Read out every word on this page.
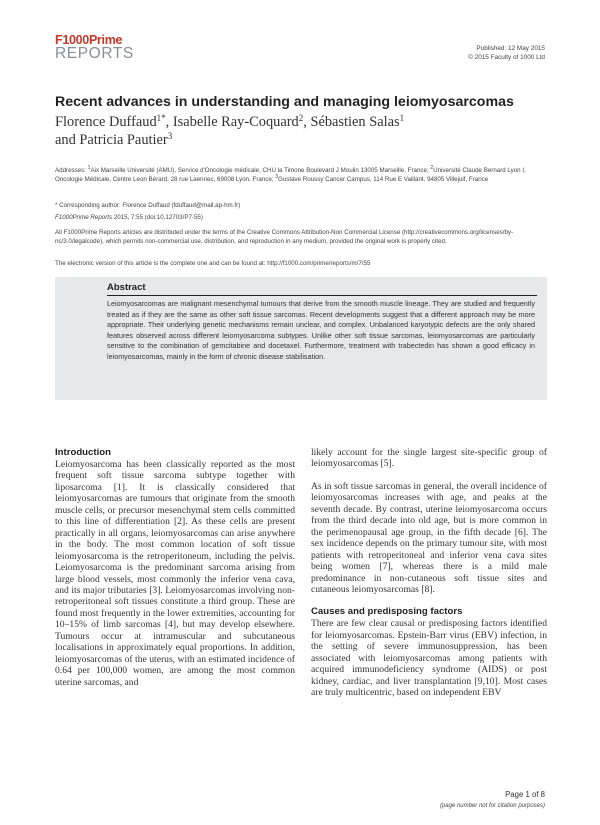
F1000Prime
REPORTS	Published: 12 May 2015
© 2015 Faculty of 1000 Ltd
Recent advances in understanding and managing leiomyosarcomas
Florence Duffaud$^{1*}$, Isabelle Ray-Coquard$^2$, Sébastien Salas$^1$
and Patricia Pautier$^3$
Addresses: $^1$Aix Marseille Université (AMU), Service d'Oncologie médicale, CHU la Timone Boulevard J Moulin 13005 Marseille, France; $^2$Université Claude Bernard Lyon I, Oncologie Médicale, Centre Leon Bérard, 28 rue Laennec, 69008 Lyon, France; $^3$Gustave Roussy Cancer Campus, 114 Rue E Vaillant, 94805 Villejuif, France
* Corresponding author: Florence Duffaud (fduffaud@mail.ap-hm.fr)
F1000Prime Reports 2015, 7:55 (doi:10.12703/P7-55)
All F1000Prime Reports articles are distributed under the terms of the Creative Commons Attribution-Non Commercial License (http://creativecommons.org/licenses/by-nc/3.0/legalcode), which permits non-commercial use, distribution, and reproduction in any medium, provided the original work is properly cited.
The electronic version of this article is the complete one and can be found at: http://f1000.com/prime/reports/m/7/55
Abstract
Leiomyosarcomas are malignant mesenchymal tumours that derive from the smooth muscle lineage. They are studied and frequently treated as if they are the same as other soft tissue sarcomas. Recent developments suggest that a different approach may be more appropriate. Their underlying genetic mechanisms remain unclear, and complex. Unbalanced karyotypic defects are the only shared features observed across different leiomyosarcoma subtypes. Unlike other soft tissue sarcomas, leiomyosarcomas are particularly sensitive to the combination of gemcitabine and docetaxel. Furthermore, treatment with trabectedin has shown a good efficacy in leiomyosarcomas, mainly in the form of chronic disease stabilisation.
Introduction

Leiomyosarcoma has been classically reported as the most frequent soft tissue sarcoma subtype together with liposarcoma [1]. It is classically considered that leiomyosarcomas are tumours that originate from the smooth muscle cells, or precursor mesenchymal stem cells committed to this line of differentiation [2]. As these cells are present practically in all organs, leiomyosarcomas can arise anywhere in the body. The most common location of soft tissue leiomyosarcoma is the retroperitoneum, including the pelvis. Leiomyosarcoma is the predominant sarcoma arising from large blood vessels, most commonly the inferior vena cava, and its major tributaries [3]. Leiomyosarcomas involving non-retroperitoneal soft tissues constitute a third group. These are found most frequently in the lower extremities, accounting for 10–15% of limb sarcomas [4], but may develop elsewhere. Tumours occur at intramuscular and subcutaneous localisations in approximately equal proportions. In addition, leiomyosarcomas of the uterus, with an estimated incidence of 0.64 per 100,000 women, are among the most common uterine sarcomas, and

likely account for the single largest site-specific group of leiomyosarcomas [5].

As in soft tissue sarcomas in general, the overall incidence of leiomyosarcomas increases with age, and peaks at the seventh decade. By contrast, uterine leiomyosarcoma occurs from the third decade into old age, but is more common in the perimenopausal age group, in the fifth decade [6]. The sex incidence depends on the primary tumour site, with most patients with retroperitoneal and inferior vena cava sites being women [7], whereas there is a mild male predominance in non-cutaneous soft tissue sites and cutaneous leiomyosarcomas [8].

Causes and predisposing factors

There are few clear causal or predisposing factors identified for leiomyosarcomas. Epstein-Barr virus (EBV) infection, in the setting of severe immunosuppression, has been associated with leiomyosarcomas among patients with acquired immunodeficiency syndrome (AIDS) or post kidney, cardiac, and liver transplantation [9,10]. Most cases are truly multicentric, based on independent EBV

Page 1 of 8
(page number not for citation purposes)
